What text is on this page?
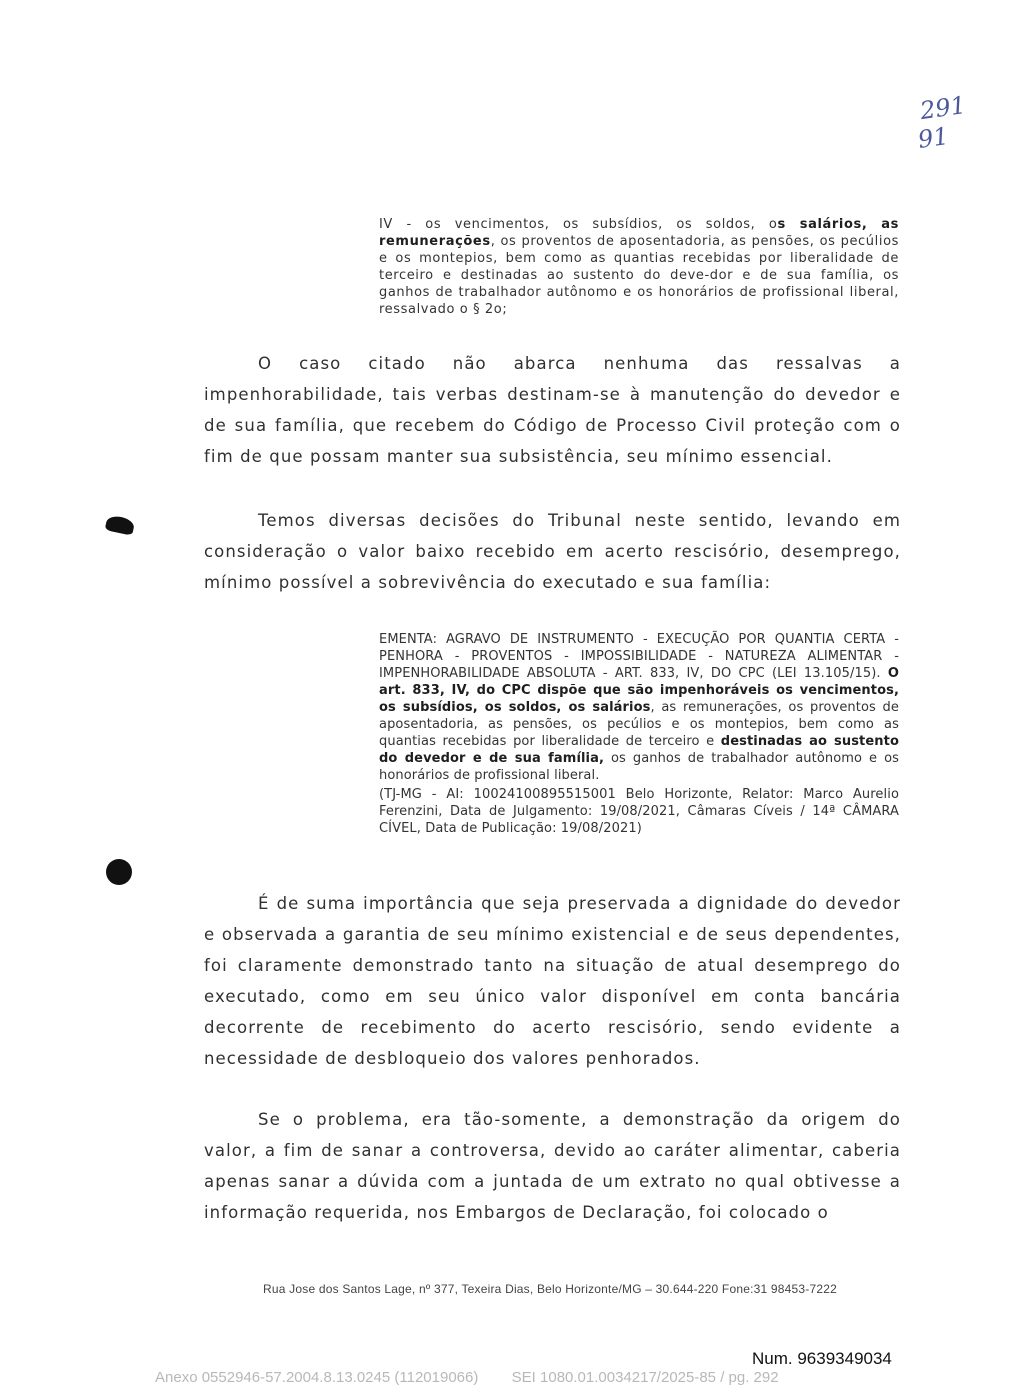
291
91
IV - os vencimentos, os subsídios, os soldos, os salários, as remunerações, os proventos de aposentadoria, as pensões, os pecúlios e os montepios, bem como as quantias recebidas por liberalidade de terceiro e destinadas ao sustento do deve-dor e de sua família, os ganhos de trabalhador autônomo e os honorários de profissional liberal, ressalvado o § 2o;

O caso citado não abarca nenhuma das ressalvas a impenhorabilidade, tais verbas destinam-se à manutenção do devedor e de sua família, que recebem do Código de Processo Civil proteção com o fim de que possam manter sua subsistência, seu mínimo essencial.

Temos diversas decisões do Tribunal neste sentido, levando em consideração o valor baixo recebido em acerto rescisório, desemprego, mínimo possível a sobrevivência do executado e sua família:

EMENTA: AGRAVO DE INSTRUMENTO - EXECUÇÃO POR QUANTIA CERTA - PENHORA - PROVENTOS - IMPOSSIBILIDADE - NATUREZA ALIMENTAR - IMPENHORABILIDADE ABSOLUTA - ART. 833, IV, DO CPC (LEI 13.105/15). O art. 833, IV, do CPC dispõe que são impenhoráveis os vencimentos, os subsídios, os soldos, os salários, as remunerações, os proventos de aposentadoria, as pensões, os pecúlios e os montepios, bem como as quantias recebidas por liberalidade de terceiro e destinadas ao sustento do devedor e de sua família, os ganhos de trabalhador autônomo e os honorários de profissional liberal.
(TJ-MG - AI: 10024100895515001 Belo Horizonte, Relator: Marco Aurelio Ferenzini, Data de Julgamento: 19/08/2021, Câmaras Cíveis / 14ª CÂMARA CÍVEL, Data de Publicação: 19/08/2021)

É de suma importância que seja preservada a dignidade do devedor e observada a garantia de seu mínimo existencial e de seus dependentes, foi claramente demonstrado tanto na situação de atual desemprego do executado, como em seu único valor disponível em conta bancária decorrente de recebimento do acerto rescisório, sendo evidente a necessidade de desbloqueio dos valores penhorados.

Se o problema, era tão-somente, a demonstração da origem do valor, a fim de sanar a controversa, devido ao caráter alimentar, caberia apenas sanar a dúvida com a juntada de um extrato no qual obtivesse a informação requerida, nos Embargos de Declaração, foi colocado o

Rua Jose dos Santos Lage, nº 377, Texeira Dias, Belo Horizonte/MG – 30.644-220 Fone:31 98453-7222
Num. 9639349034
Anexo 0552946-57.2004.8.13.0245 (112019066)        SEI 1080.01.0034217/2025-85 / pg. 292
